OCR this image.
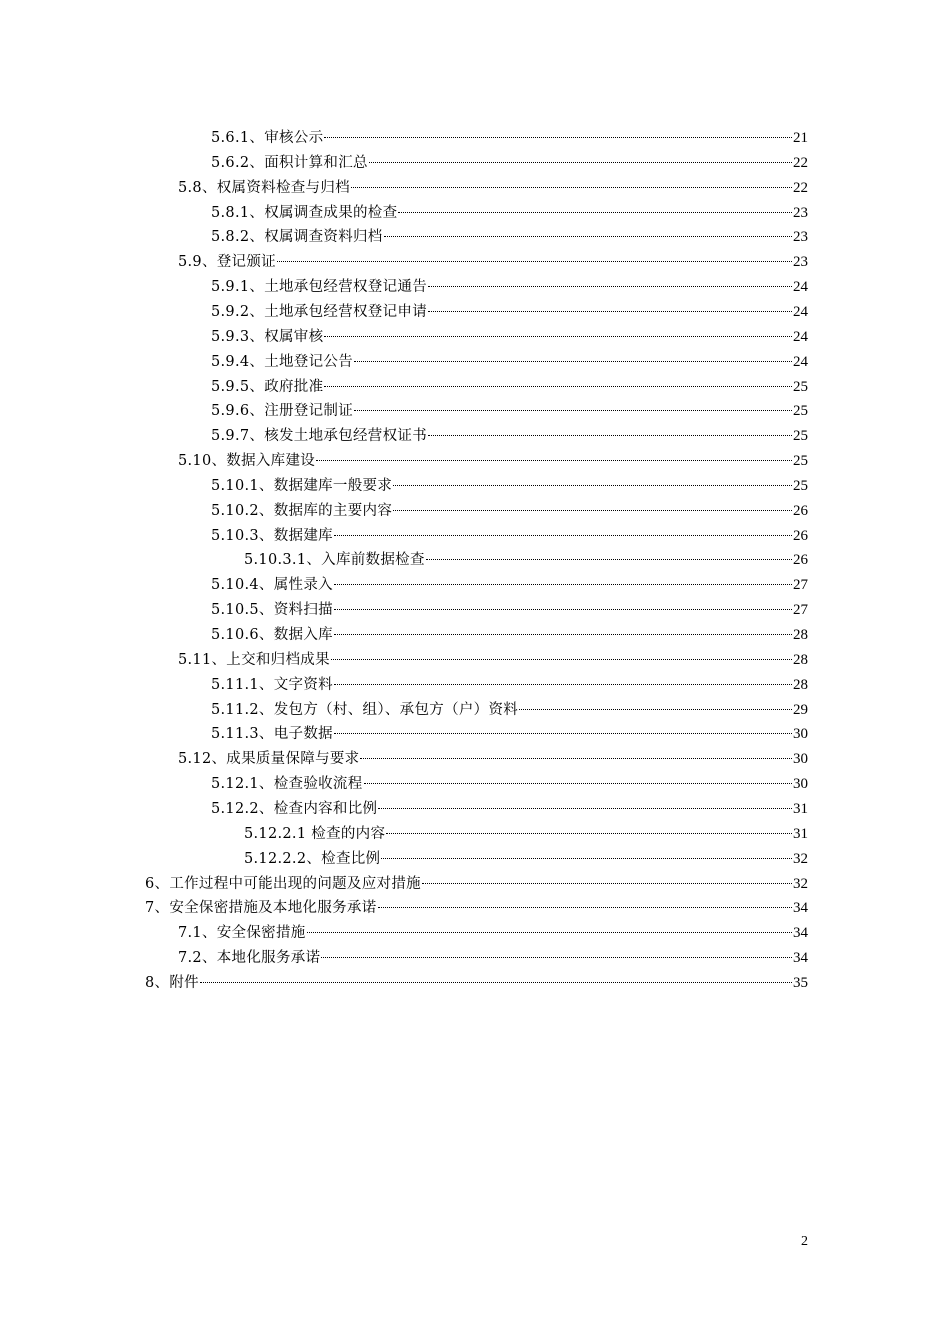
5.6.1、审核公示	21
5.6.2、面积计算和汇总	22
5.8、权属资料检查与归档	22
5.8.1、权属调查成果的检查	23
5.8.2、权属调查资料归档	23
5.9、登记颁证	23
5.9.1、土地承包经营权登记通告	24
5.9.2、土地承包经营权登记申请	24
5.9.3、权属审核	24
5.9.4、土地登记公告	24
5.9.5、政府批准	25
5.9.6、注册登记制证	25
5.9.7、核发土地承包经营权证书	25
5.10、数据入库建设	25
5.10.1、数据建库一般要求	25
5.10.2、数据库的主要内容	26
5.10.3、数据建库	26
5.10.3.1、入库前数据检查	26
5.10.4、属性录入	27
5.10.5、资料扫描	27
5.10.6、数据入库	28
5.11、上交和归档成果	28
5.11.1、文字资料	28
5.11.2、发包方（村、组）、承包方（户）资料	29
5.11.3、电子数据	30
5.12、成果质量保障与要求	30
5.12.1、检查验收流程	30
5.12.2、检查内容和比例	31
5.12.2.1 检查的内容	31
5.12.2.2、检查比例	32
6、工作过程中可能出现的问题及应对措施	32
7、安全保密措施及本地化服务承诺	34
7.1、安全保密措施	34
7.2、本地化服务承诺	34
8、附件	35
2
